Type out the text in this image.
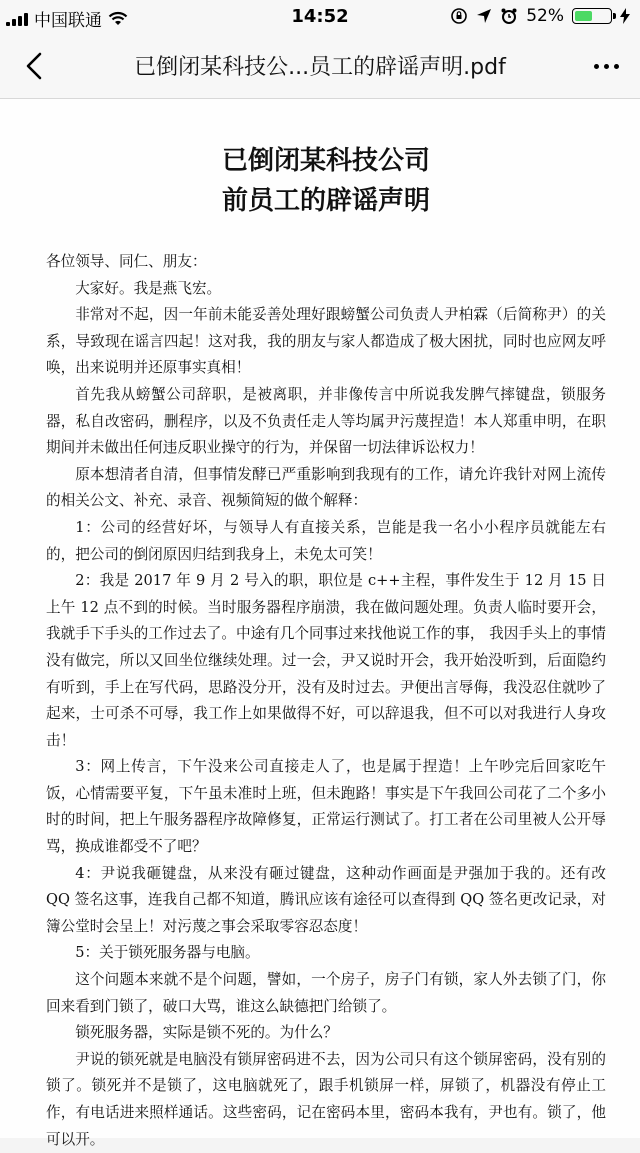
中国联通	14:52	52%
已倒闭某科技公...员工的辟谣声明.pdf
已倒闭某科技公司
前员工的辟谣声明

各位领导、同仁、朋友：

大家好。我是燕飞宏。

非常对不起，因一年前未能妥善处理好跟螃蟹公司负责人尹柏霖（后简称尹）的关系，导致现在谣言四起！这对我，我的朋友与家人都造成了极大困扰，同时也应网友呼唤，出来说明并还原事实真相！

首先我从螃蟹公司辞职，是被离职，并非像传言中所说我发脾气摔键盘，锁服务器，私自改密码，删程序，以及不负责任走人等均属尹污蔑捏造！本人郑重申明，在职期间并未做出任何违反职业操守的行为，并保留一切法律诉讼权力！

原本想清者自清，但事情发酵已严重影响到我现有的工作，请允许我针对网上流传的相关公文、补充、录音、视频简短的做个解释：

1：公司的经营好坏，与领导人有直接关系，岂能是我一名小小程序员就能左右的，把公司的倒闭原因归结到我身上，未免太可笑！

2：我是 2017 年 9 月 2 号入的职，职位是 c++主程，事件发生于 12 月 15 日上午 12 点不到的时候。当时服务器程序崩溃，我在做问题处理。负责人临时要开会，我就手下手头的工作过去了。中途有几个同事过来找他说工作的事， 我因手头上的事情没有做完，所以又回坐位继续处理。过一会，尹又说时开会，我开始没听到，后面隐约有听到，手上在写代码，思路没分开，没有及时过去。尹便出言辱侮，我没忍住就吵了起来，士可杀不可辱，我工作上如果做得不好，可以辞退我，但不可以对我进行人身攻击！

3：网上传言，下午没来公司直接走人了，也是属于捏造！上午吵完后回家吃午饭，心情需要平复，下午虽未准时上班，但未跑路！事实是下午我回公司花了二个多小时的时间，把上午服务器程序故障修复，正常运行测试了。打工者在公司里被人公开辱骂，换成谁都受不了吧？

4：尹说我砸键盘，从来没有砸过键盘，这种动作画面是尹强加于我的。还有改 QQ 签名这事，连我自己都不知道，腾讯应该有途径可以查得到 QQ 签名更改记录，对簿公堂时会呈上！对污蔑之事会采取零容忍态度！

5：关于锁死服务器与电脑。

这个问题本来就不是个问题，譬如，一个房子，房子门有锁，家人外去锁了门，你回来看到门锁了，破口大骂，谁这么缺德把门给锁了。

锁死服务器，实际是锁不死的。为什么？

尹说的锁死就是电脑没有锁屏密码进不去，因为公司只有这个锁屏密码，没有别的锁了。锁死并不是锁了，这电脑就死了，跟手机锁屏一样，屏锁了，机器没有停止工作，有电话进来照样通话。这些密码，记在密码本里，密码本我有，尹也有。锁了，他可以开。
